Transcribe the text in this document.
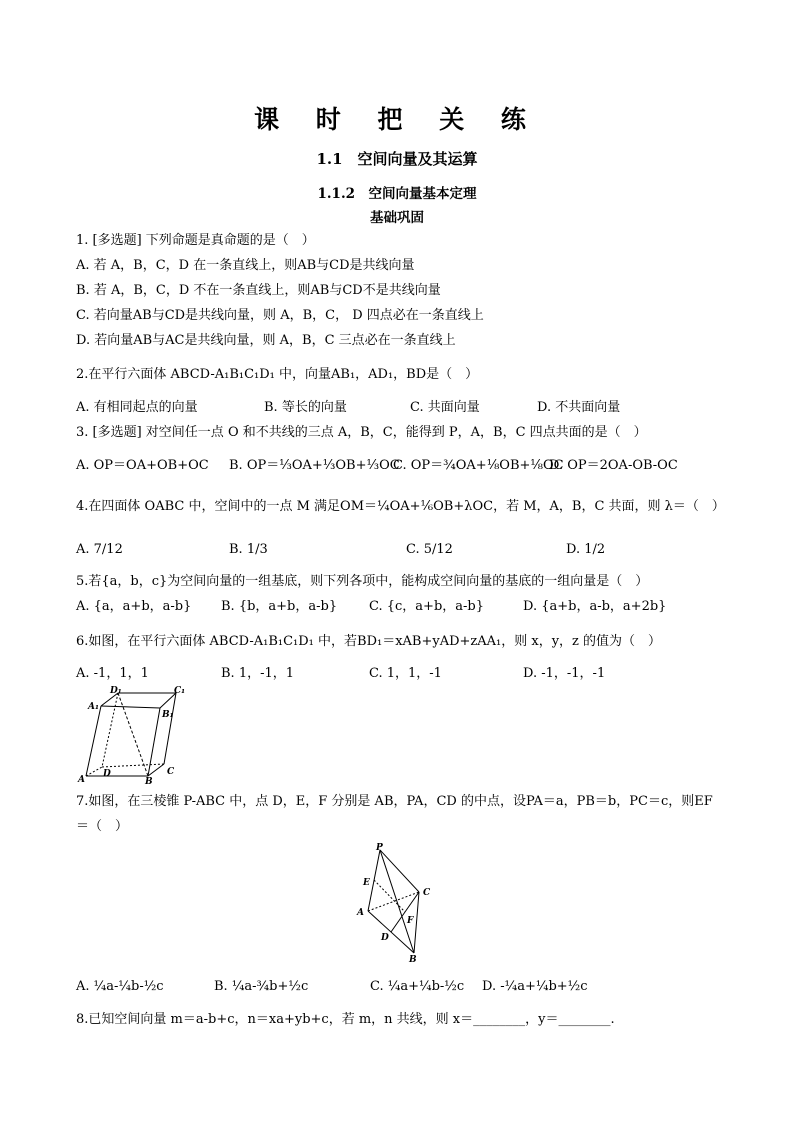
课 时 把 关 练
1.1　空间向量及其运算
1.1.2　空间向量基本定理
基础巩固
1. [多选题] 下列命题是真命题的是（　）
A. 若 A，B，C，D 在一条直线上，则AB与CD是共线向量
B. 若 A，B，C，D 不在一条直线上，则AB与CD不是共线向量
C. 若向量AB与CD是共线向量，则 A，B，C， D 四点必在一条直线上
D. 若向量AB与AC是共线向量，则 A，B，C 三点必在一条直线上
2.在平行六面体 ABCD-A₁B₁C₁D₁ 中，向量AB₁，AD₁，BD是（　）
A. 有相同起点的向量	B. 等长的向量	C. 共面向量	D. 不共面向量
3. [多选题] 对空间任一点 O 和不共线的三点 A，B，C，能得到 P，A，B，C 四点共面的是（　）
A. OP＝OA+OB+OC B. OP＝⅓OA+⅓OB+⅓OC
C. OP＝¾OA+⅛OB+⅛OC
D. OP＝2OA-OB-OC
4.在四面体 OABC 中，空间中的一点 M 满足OM＝¼OA+⅙OB+λOC，若 M，A，B，C 共面，则 λ＝（　）
A. 7/12	B. 1/3	C. 5/12	D. 1/2
5.若{a，b，c}为空间向量的一组基底，则下列各项中，能构成空间向量的基底的一组向量是（　）
A. {a，a+b，a-b} B. {b，a+b，a-b} C. {c，a+b，a-b}	D. {a+b，a-b，a+2b}
6.如图，在平行六面体 ABCD-A₁B₁C₁D₁ 中，若BD₁＝xAB+yAD+zAA₁，则 x，y，z 的值为（　）
A. -1，1，1	B. 1，-1，1	C. 1，1，-1	D. -1，-1，-1
D₁	C₁
A₁
B₁
A
D
B
C
7.如图，在三棱锥 P-ABC 中，点 D，E，F 分别是 AB，PA，CD 的中点，设PA＝a，PB＝b，PC＝c，则EF
＝（　）
P
E
C
A
F
D
B
A. ¼a-¼b-½c	B. ¼a-¾b+½c	C. ¼a+¼b-½c D. -¼a+¼b+½c
8.已知空间向量 m＝a-b+c，n＝xa+yb+c，若 m，n 共线，则 x＝________，y＝________.
